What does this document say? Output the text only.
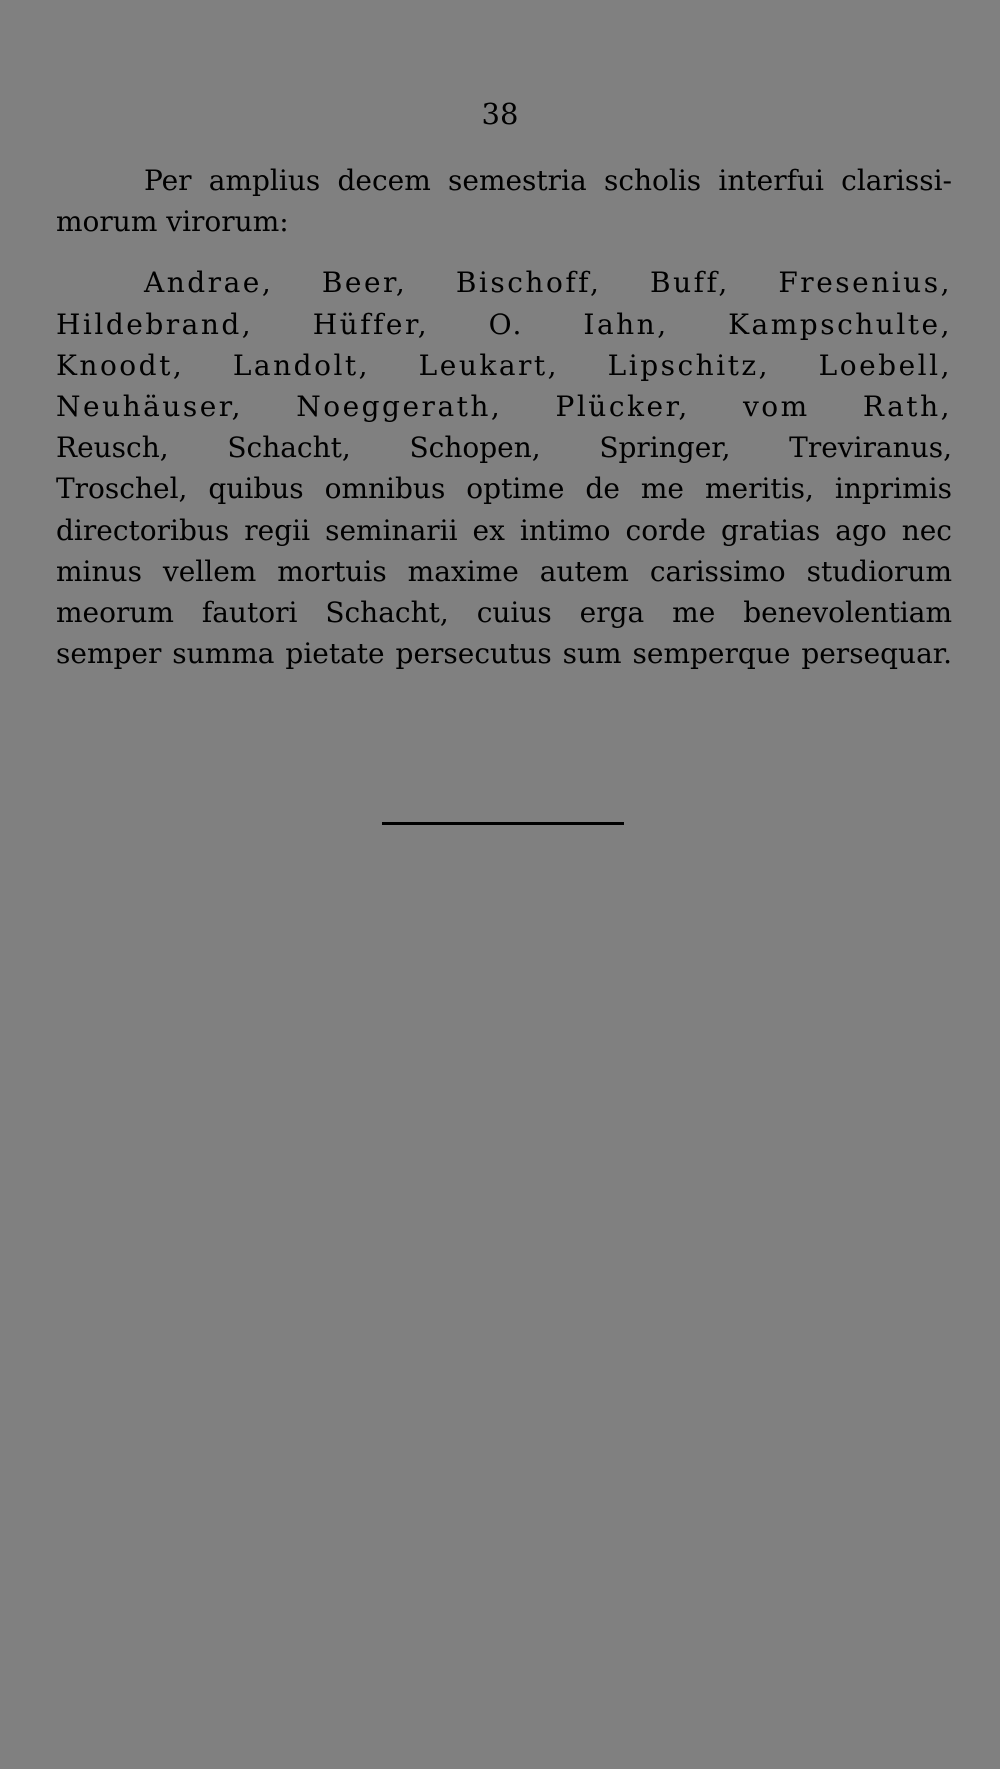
38
Per amplius decem semestria scholis interfui clarissi-
morum virorum:
Andrae, Beer, Bischoff, Buff, Fresenius,
Hildebrand, Hüffer, O. Iahn, Kampschulte,
Knoodt, Landolt, Leukart, Lipschitz, Loebell,
Neuhäuser, Noeggerath, Plücker, vom Rath,
Reusch, Schacht, Schopen, Springer, Treviranus,
Troschel, quibus omnibus optime de me meritis, inprimis
directoribus regii seminarii ex intimo corde gratias ago nec
minus vellem mortuis maxime autem carissimo studiorum
meorum fautori Schacht, cuius erga me benevolentiam
semper summa pietate persecutus sum semperque persequar.
